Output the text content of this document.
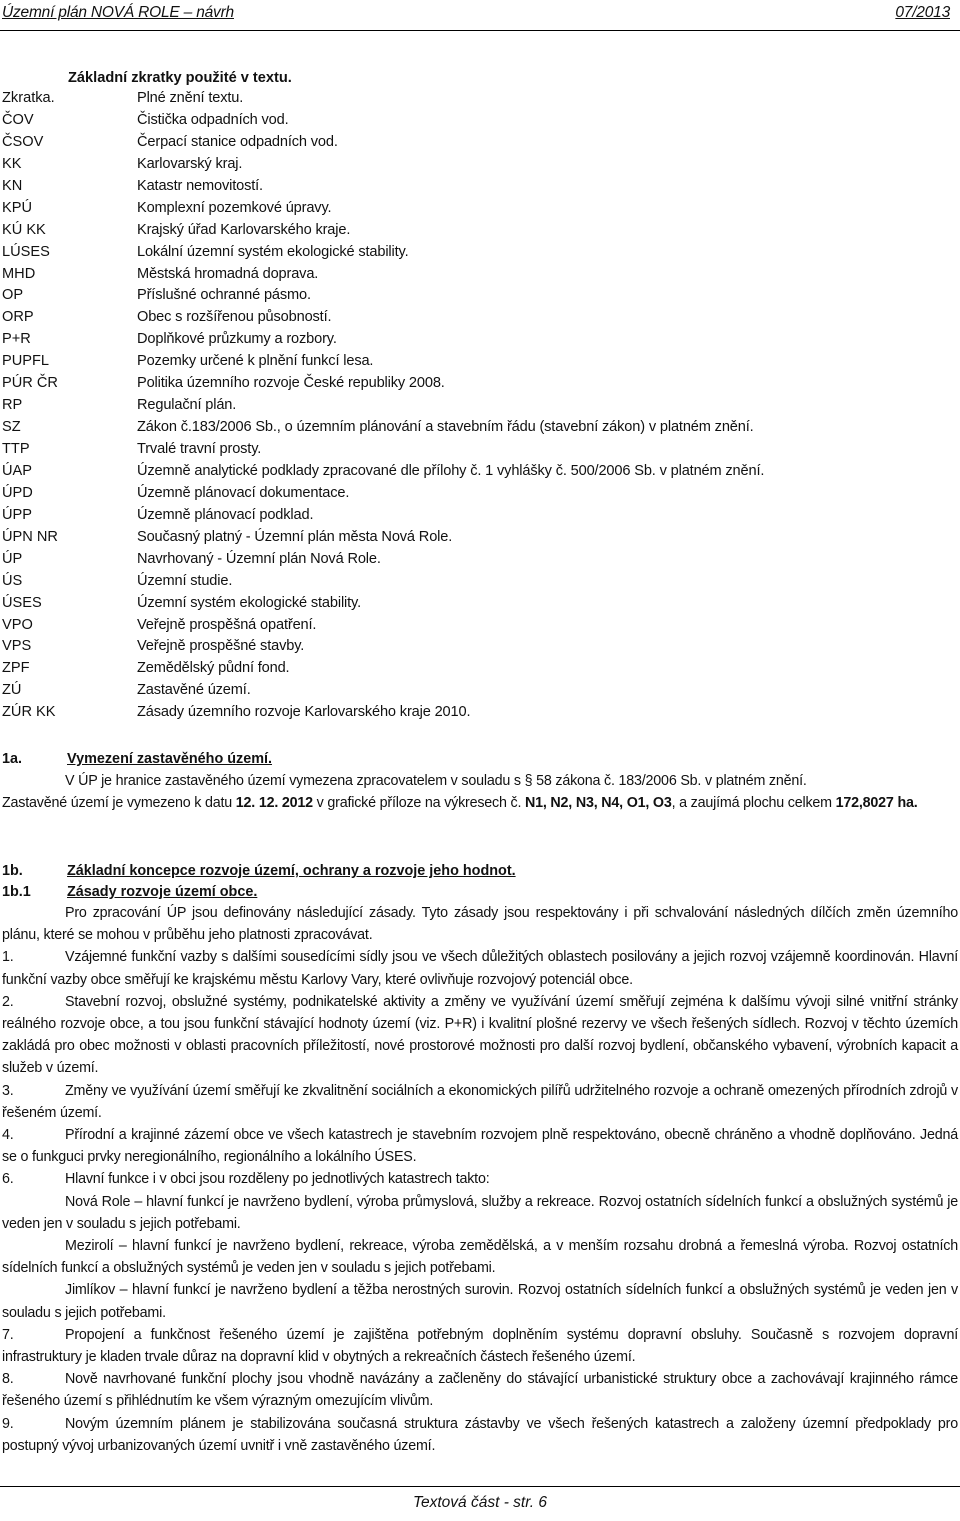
Územní plán NOVÁ ROLE – návrh	07/2013
Základní zkratky použité v textu.
Zkratka.	Plné znění textu.
ČOV	Čistička odpadních vod.
ČSOV	Čerpací stanice odpadních vod.
KK	Karlovarský kraj.
KN	Katastr nemovitostí.
KPÚ	Komplexní pozemkové úpravy.
KÚ KK	Krajský úřad Karlovarského kraje.
LÚSES	Lokální územní systém ekologické stability.
MHD	Městská hromadná doprava.
OP	Příslušné ochranné pásmo.
ORP	Obec s rozšířenou působností.
P+R	Doplňkové průzkumy a rozbory.
PUPFL	Pozemky určené k plnění funkcí lesa.
PÚR ČR	Politika územního rozvoje České republiky 2008.
RP	Regulační plán.
SZ	Zákon č.183/2006 Sb., o územním plánování a stavebním řádu (stavební zákon) v platném znění.
TTP	Trvalé travní prosty.
ÚAP	Územně analytické podklady zpracované dle přílohy č. 1 vyhlášky č. 500/2006 Sb. v platném znění.
ÚPD	Územně plánovací dokumentace.
ÚPP	Územně plánovací podklad.
ÚPN NR	Současný platný - Územní plán města Nová Role.
ÚP	Navrhovaný - Územní plán Nová Role.
ÚS	Územní studie.
ÚSES	Územní systém ekologické stability.
VPO	Veřejně prospěšná opatření.
VPS	Veřejně prospěšné stavby.
ZPF	Zemědělský půdní fond.
ZÚ	Zastavěné území.
ZÚR KK	Zásady územního rozvoje Karlovarského kraje 2010.
1a.	Vymezení zastavěného území.

V ÚP je hranice zastavěného území vymezena zpracovatelem v souladu s § 58 zákona č. 183/2006 Sb. v platném znění.

Zastavěné území je vymezeno k datu 12. 12. 2012 v grafické příloze na výkresech č. N1, N2, N3, N4, O1, O3, a zaujímá plochu celkem 172,8027 ha.

1b.	Základní koncepce rozvoje území, ochrany a rozvoje jeho hodnot.
1b.1	Zásady rozvoje území obce.

Pro zpracování ÚP jsou definovány následující zásady. Tyto zásady jsou respektovány i při schvalování následných dílčích změn územního plánu, které se mohou v průběhu jeho platnosti zpracovávat.

1.	Vzájemné funkční vazby s dalšími sousedícími sídly jsou ve všech důležitých oblastech posilovány a jejich rozvoj vzájemně koordinován. Hlavní funkční vazby obce směřují ke krajskému městu Karlovy Vary, které ovlivňuje rozvojový potenciál obce.

2.	Stavební rozvoj, obslužné systémy, podnikatelské aktivity a změny ve využívání území směřují zejména k dalšímu vývoji silné vnitřní stránky reálného rozvoje obce, a tou jsou funkční stávající hodnoty území (viz. P+R) i kvalitní plošné rezervy ve všech řešených sídlech. Rozvoj v těchto územích zakládá pro obec možnosti v oblasti pracovních příležitostí, nové prostorové možnosti pro další rozvoj bydlení, občanského vybavení, výrobních kapacit a služeb v území.

3.	Změny ve využívání území směřují ke zkvalitnění sociálních a ekonomických pilířů udržitelného rozvoje a ochraně omezených přírodních zdrojů v řešeném území.

4.	Přírodní a krajinné zázemí obce ve všech katastrech je stavebním rozvojem plně respektováno, obecně chráněno a vhodně doplňováno. Jedná se o funkguci prvky neregionálního, regionálního a lokálního ÚSES.

6.	Hlavní funkce i v obci jsou rozděleny po jednotlivých katastrech takto:

Nová Role – hlavní funkcí je navrženo bydlení, výroba průmyslová, služby a rekreace. Rozvoj ostatních sídelních funkcí a obslužných systémů je veden jen v souladu s jejich potřebami.

Mezirolí – hlavní funkcí je navrženo bydlení, rekreace, výroba zemědělská, a v menším rozsahu drobná a řemeslná výroba. Rozvoj ostatních sídelních funkcí a obslužných systémů je veden jen v souladu s jejich potřebami.

Jimlíkov – hlavní funkcí je navrženo bydlení a těžba nerostných surovin. Rozvoj ostatních sídelních funkcí a obslužných systémů je veden jen v souladu s jejich potřebami.

7.	Propojení a funkčnost řešeného území je zajištěna potřebným doplněním systému dopravní obsluhy. Současně s rozvojem dopravní infrastruktury je kladen trvale důraz na dopravní klid v obytných a rekreačních částech řešeného území.

8.	Nově navrhované funkční plochy jsou vhodně navázány a začleněny do stávající urbanistické struktury obce a zachovávají krajinného rámce řešeného území s přihlédnutím ke všem výrazným omezujícím vlivům.

9.	Novým územním plánem je stabilizována současná struktura zástavby ve všech řešených katastrech a založeny územní předpoklady pro postupný vývoj urbanizovaných území uvnitř i vně zastavěného území.

Textová část - str. 6
